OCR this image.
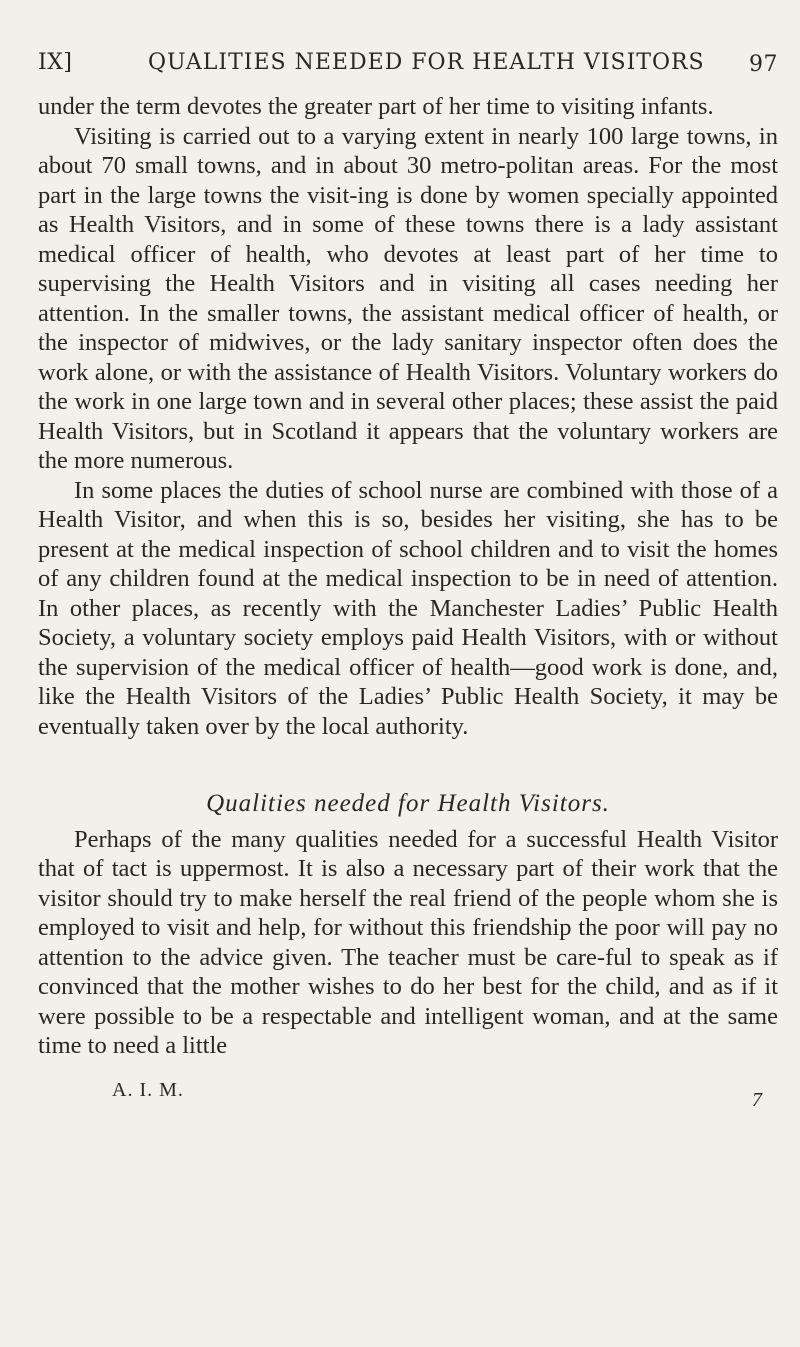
IX]	QUALITIES NEEDED FOR HEALTH VISITORS 97

under the term devotes the greater part of her time to visiting infants.

Visiting is carried out to a varying extent in nearly 100 large towns, in about 70 small towns, and in about 30 metro-politan areas. For the most part in the large towns the visit-ing is done by women specially appointed as Health Visitors, and in some of these towns there is a lady assistant medical officer of health, who devotes at least part of her time to supervising the Health Visitors and in visiting all cases needing her attention. In the smaller towns, the assistant medical officer of health, or the inspector of midwives, or the lady sanitary inspector often does the work alone, or with the assistance of Health Visitors. Voluntary workers do the work in one large town and in several other places; these assist the paid Health Visitors, but in Scotland it appears that the voluntary workers are the more numerous.

In some places the duties of school nurse are combined with those of a Health Visitor, and when this is so, besides her visiting, she has to be present at the medical inspection of school children and to visit the homes of any children found at the medical inspection to be in need of attention. In other places, as recently with the Manchester Ladies’ Public Health Society, a voluntary society employs paid Health Visitors, with or without the supervision of the medical officer of health—good work is done, and, like the Health Visitors of the Ladies’ Public Health Society, it may be eventually taken over by the local authority.

Qualities needed for Health Visitors.

Perhaps of the many qualities needed for a successful Health Visitor that of tact is uppermost. It is also a necessary part of their work that the visitor should try to make herself the real friend of the people whom she is employed to visit and help, for without this friendship the poor will pay no attention to the advice given. The teacher must be care-ful to speak as if convinced that the mother wishes to do her best for the child, and as if it were possible to be a respectable and intelligent woman, and at the same time to need a little

A. I. M.	7
